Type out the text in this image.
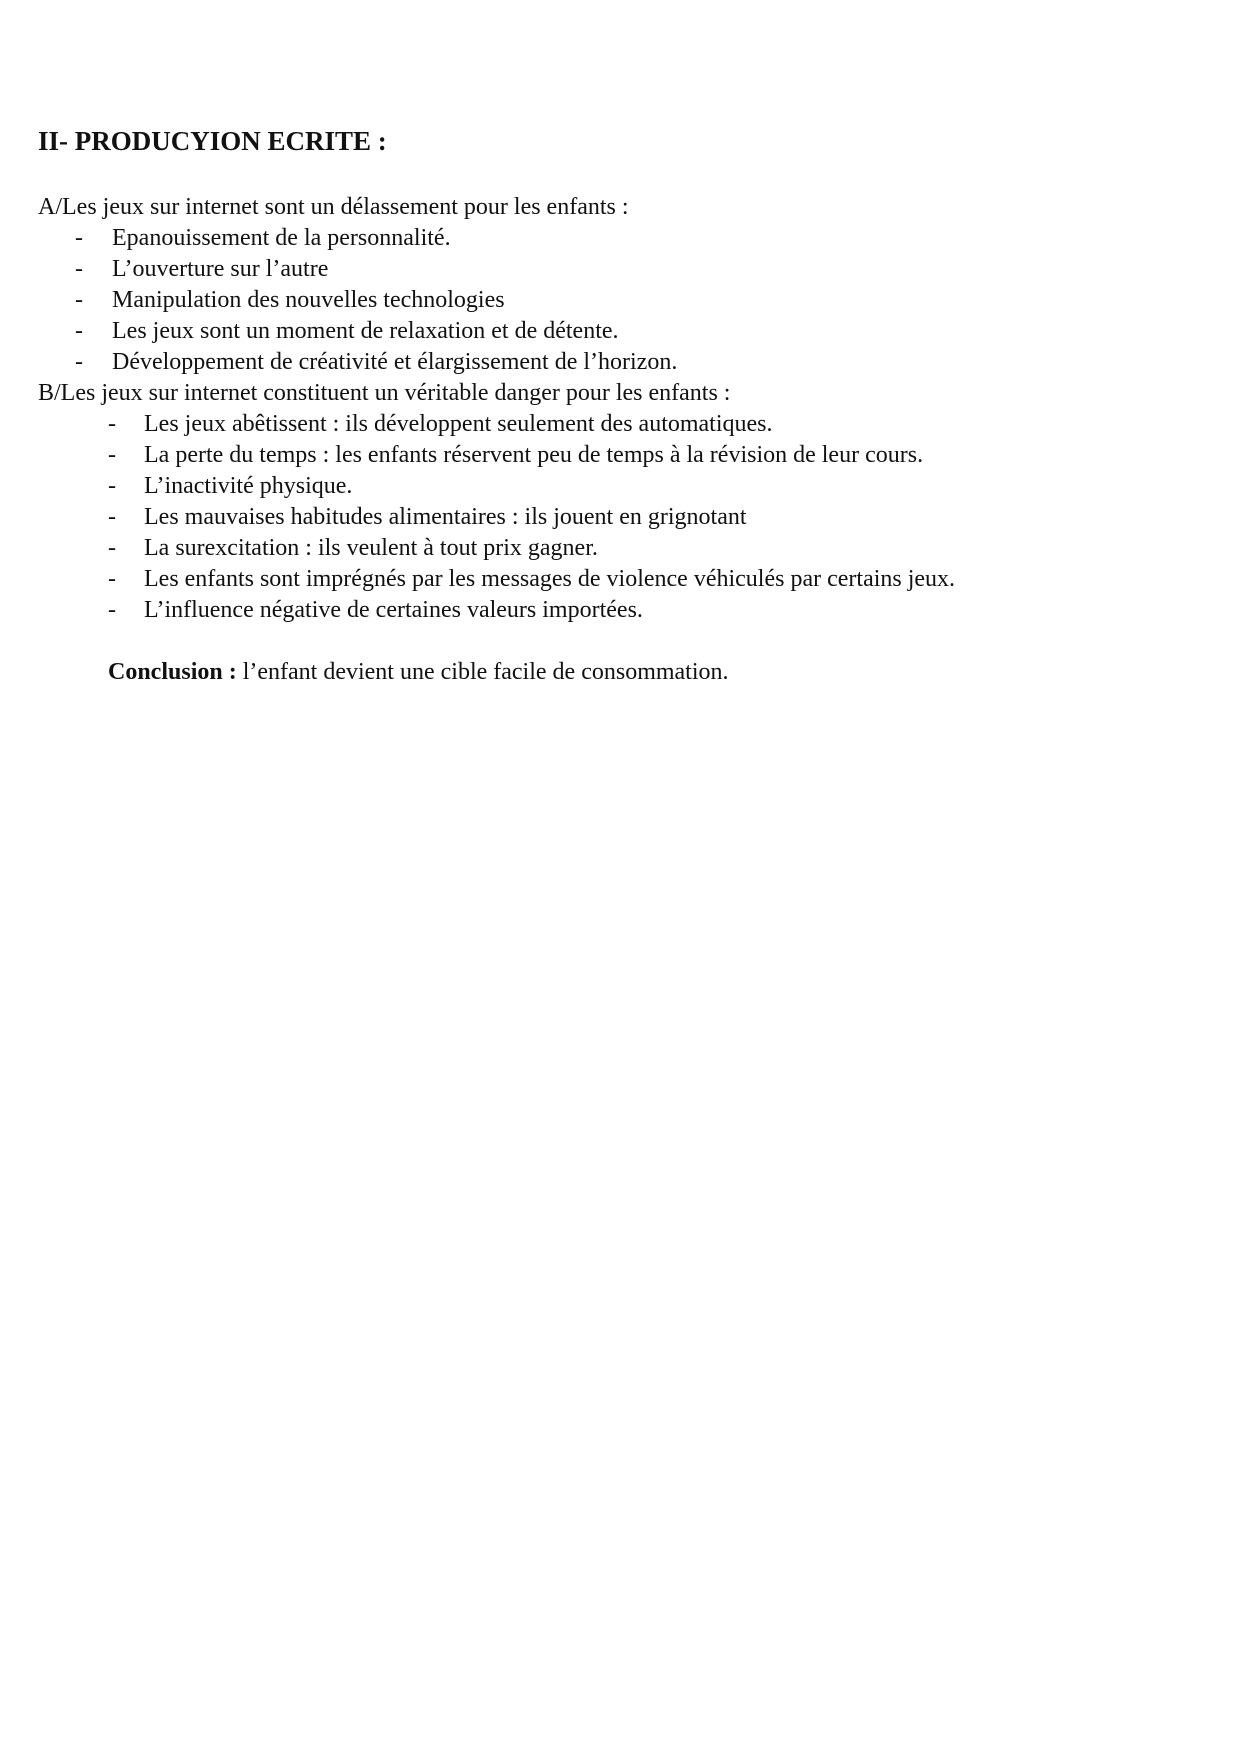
II- PRODUCYION ECRITE :
A/Les jeux sur internet sont un délassement pour les enfants :
- Epanouissement de la personnalité.
- L’ouverture sur l’autre
- Manipulation des nouvelles technologies
- Les jeux sont un moment de relaxation et de détente.
- Développement de créativité et élargissement de l’horizon.
B/Les jeux sur internet constituent un véritable danger pour les enfants :
- Les jeux abêtissent : ils développent seulement des automatiques.
- La perte du temps : les enfants réservent peu de temps à la révision de leur cours.
- L’inactivité physique.
- Les mauvaises habitudes alimentaires : ils jouent en grignotant
- La surexcitation : ils veulent à tout prix gagner.
- Les enfants sont imprégnés par les messages de violence véhiculés par certains jeux.
- L’influence négative de certaines valeurs importées.
Conclusion : l’enfant devient une cible facile de consommation.
